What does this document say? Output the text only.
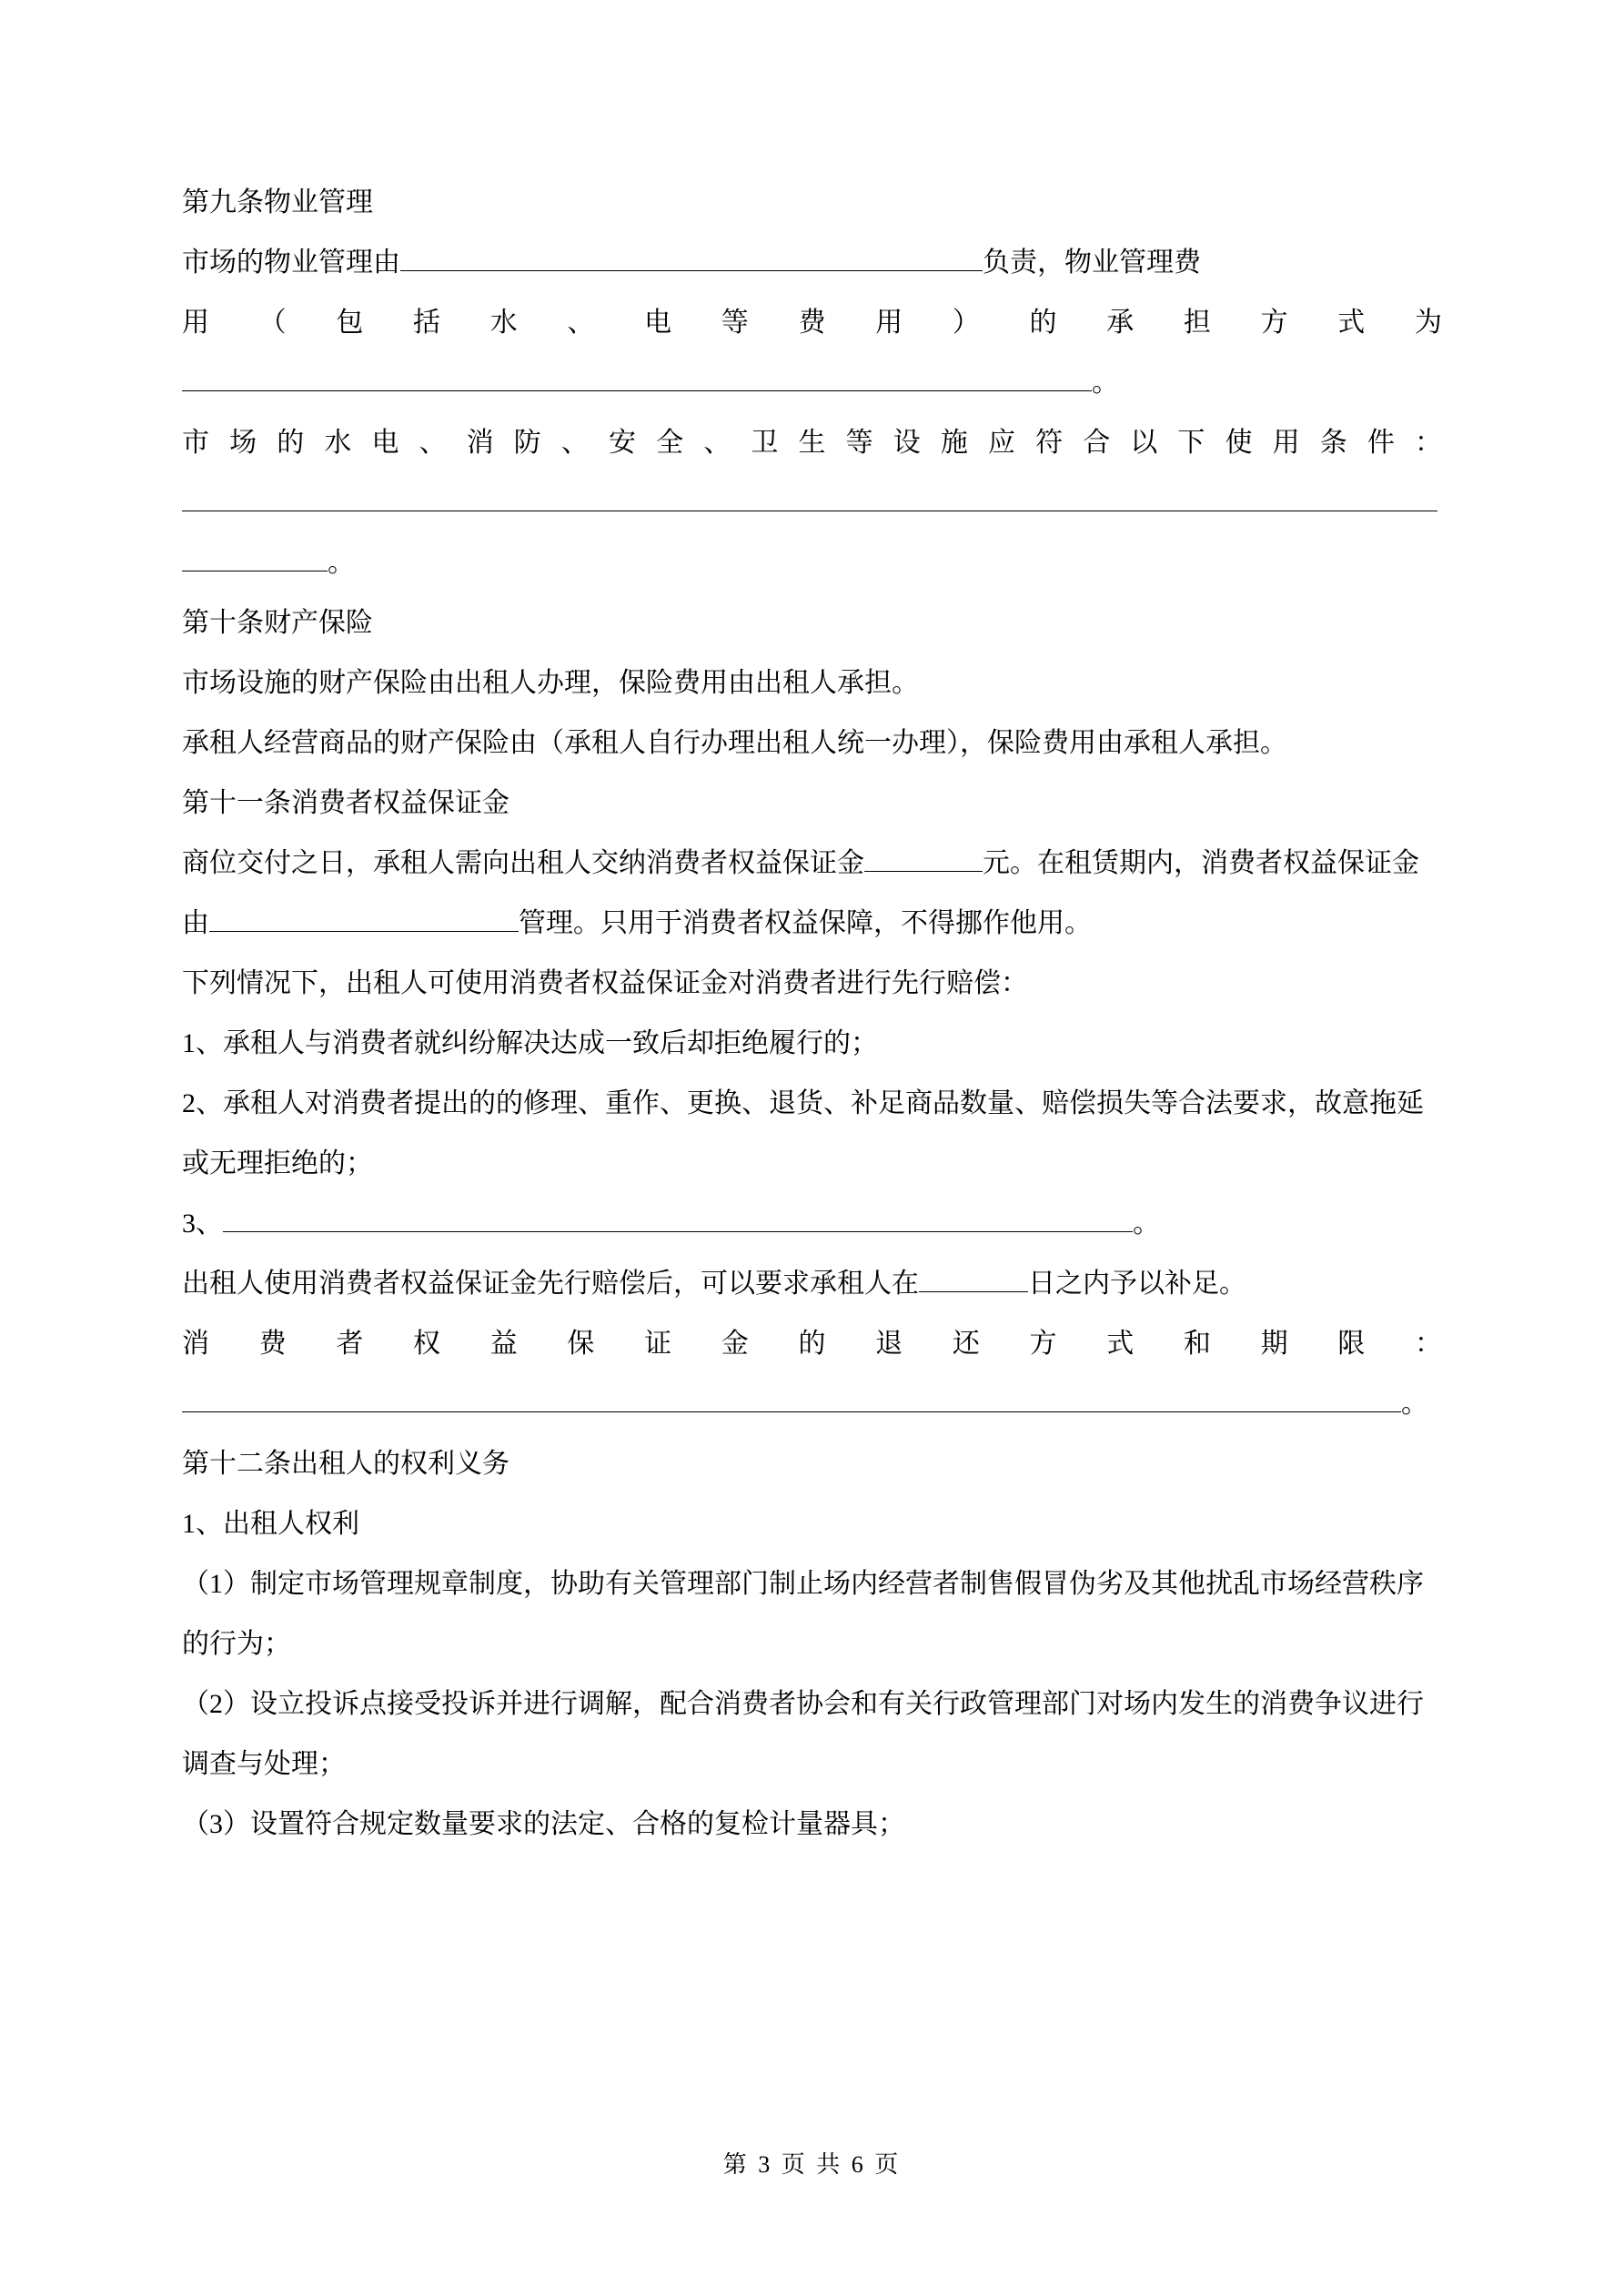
第九条物业管理

市场的物业管理由	负责，物业管理费

用（包括水、电等费用）的承担方式为

。

市场的水电、消防、安全、卫生等设施应符合以下使用条件：

。

第十条财产保险

市场设施的财产保险由出租人办理，保险费用由出租人承担。

承租人经营商品的财产保险由（承租人自行办理出租人统一办理），保险费用由承租人承担。

第十一条消费者权益保证金

商位交付之日，承租人需向出租人交纳消费者权益保证金	元。在租赁期内，消费者权益保证金由	管理。只用于消费者权益保障，不得挪作他用。

下列情况下，出租人可使用消费者权益保证金对消费者进行先行赔偿：

1、承租人与消费者就纠纷解决达成一致后却拒绝履行的；

2、承租人对消费者提出的的修理、重作、更换、退货、补足商品数量、赔偿损失等合法要求，故意拖延或无理拒绝的；

3、	。

出租人使用消费者权益保证金先行赔偿后，可以要求承租人在	日之内予以补足。

消费者权益保证金的退还方式和期限：

。

第十二条出租人的权利义务

1、出租人权利

（1）制定市场管理规章制度，协助有关管理部门制止场内经营者制售假冒伪劣及其他扰乱市场经营秩序的行为；

（2）设立投诉点接受投诉并进行调解，配合消费者协会和有关行政管理部门对场内发生的消费争议进行调查与处理；

（3）设置符合规定数量要求的法定、合格的复检计量器具；

第 3 页 共 6 页
